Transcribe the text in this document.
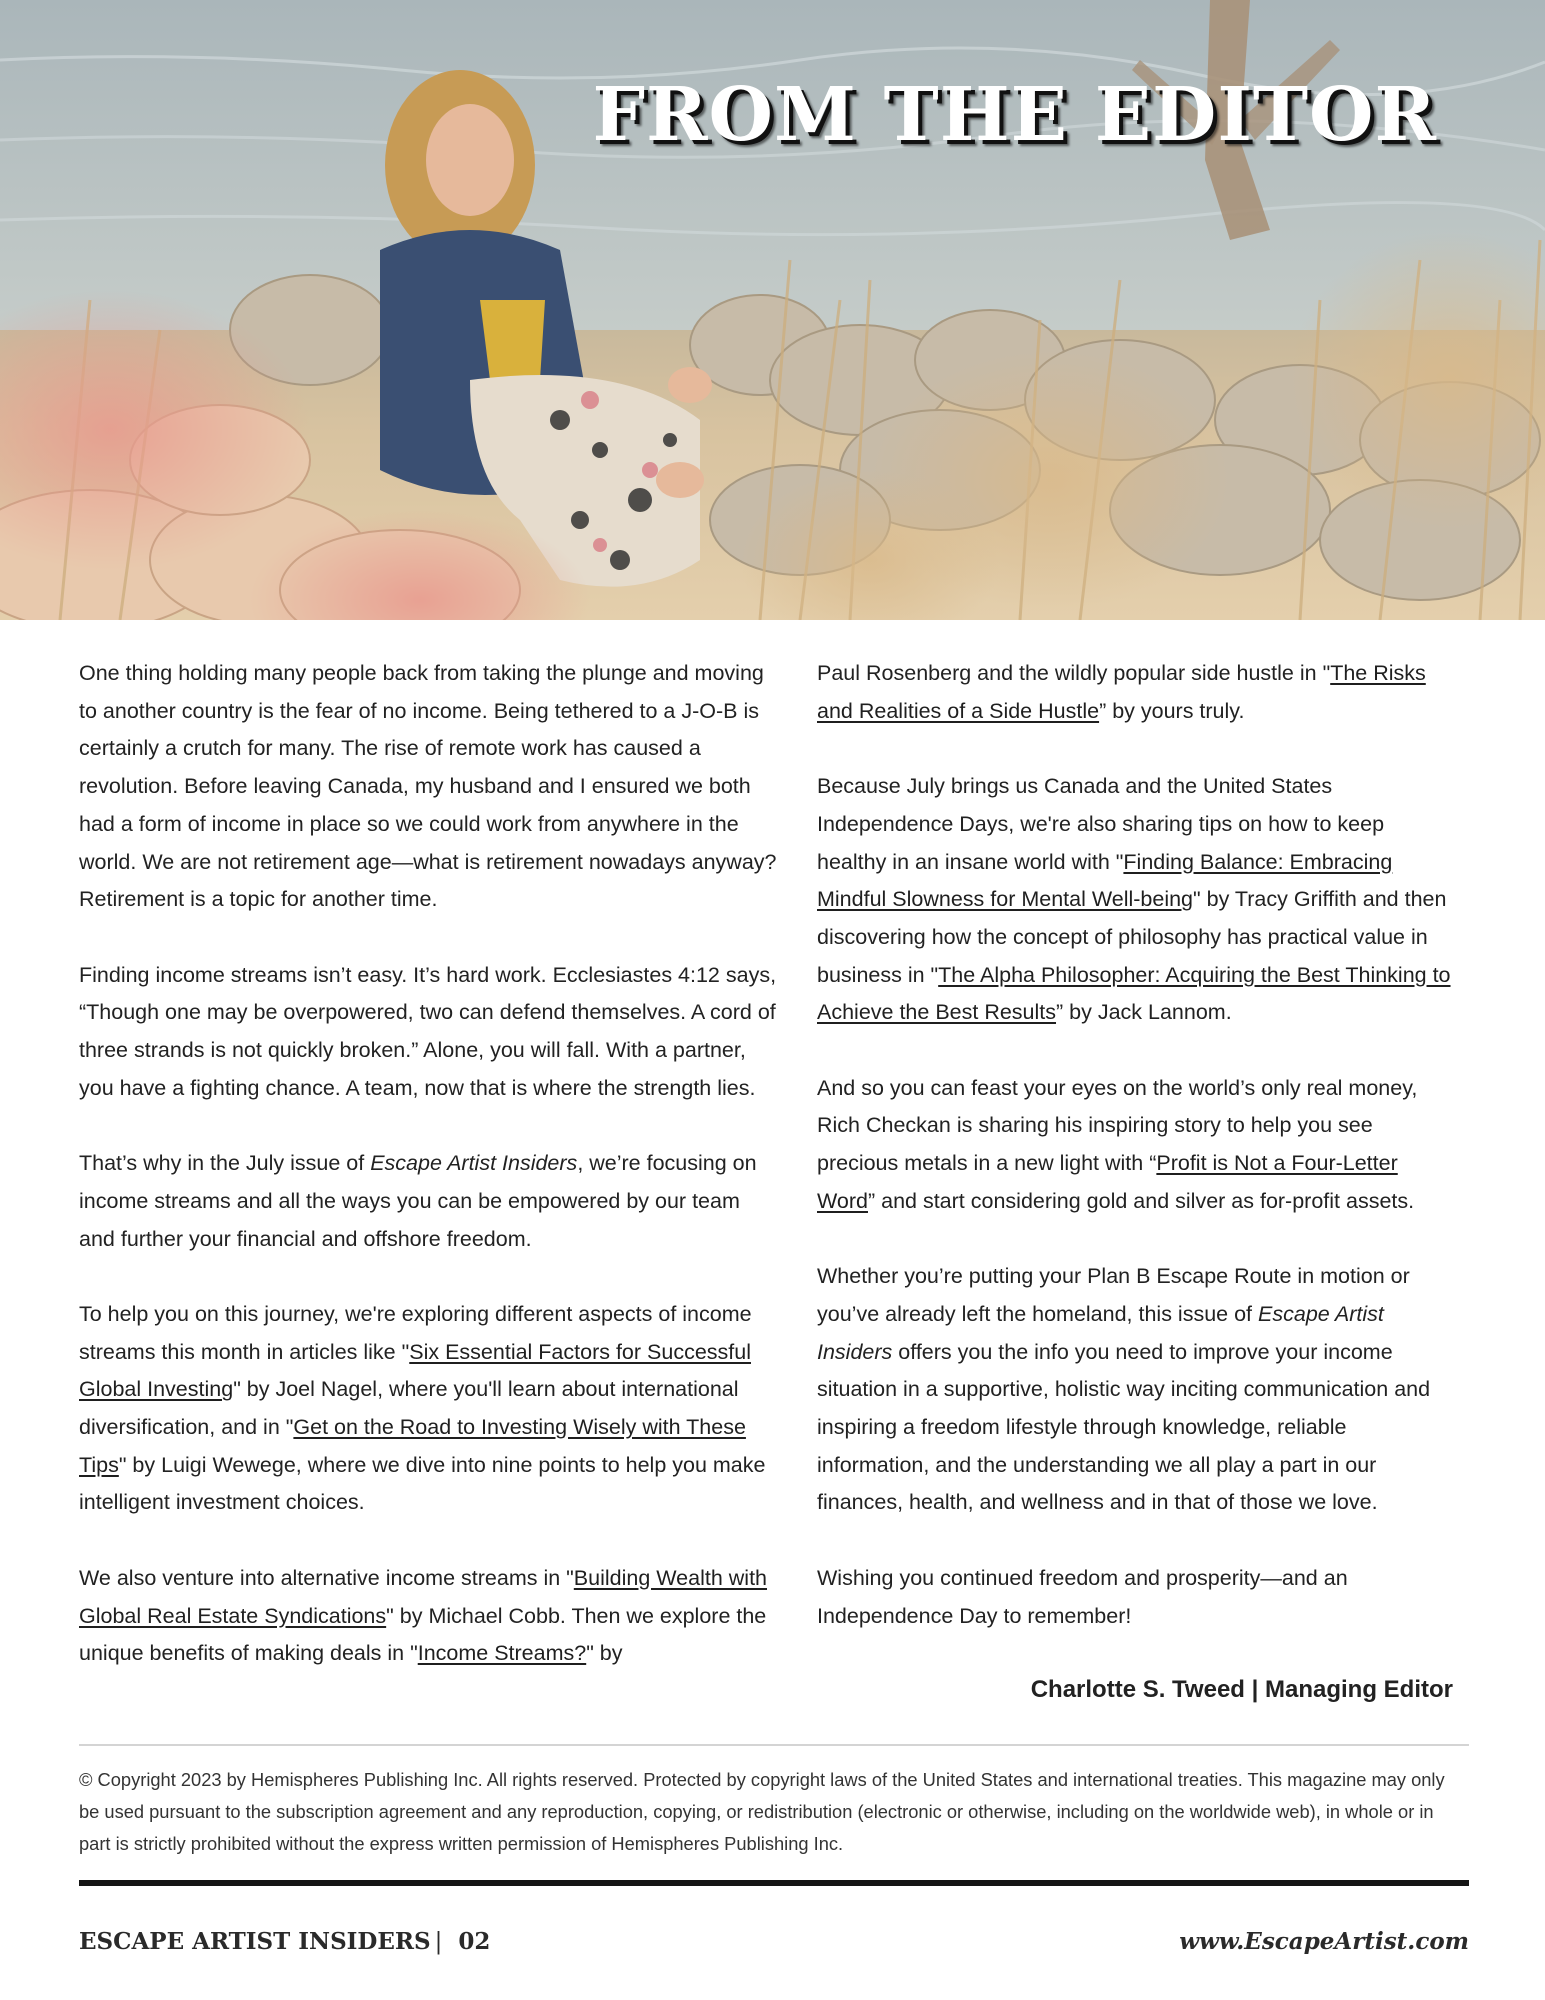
FROM THE EDITOR

One thing holding many people back from taking the plunge and moving to another country is the fear of no income. Being tethered to a J-O-B is certainly a crutch for many. The rise of remote work has caused a revolution. Before leaving Canada, my husband and I ensured we both had a form of income in place so we could work from anywhere in the world. We are not retirement age—what is retirement nowadays anyway? Retirement is a topic for another time.

Finding income streams isn’t easy. It’s hard work. Ecclesiastes 4:12 says, “Though one may be overpowered, two can defend themselves. A cord of three strands is not quickly broken.” Alone, you will fall. With a partner, you have a fighting chance. A team, now that is where the strength lies.

That’s why in the July issue of Escape Artist Insiders, we’re focusing on income streams and all the ways you can be empowered by our team and further your financial and offshore freedom.

To help you on this journey, we're exploring different aspects of income streams this month in articles like "Six Essential Factors for Successful Global Investing" by Joel Nagel, where you'll learn about international diversification, and in "Get on the Road to Investing Wisely with These Tips" by Luigi Wewege, where we dive into nine points to help you make intelligent investment choices.

We also venture into alternative income streams in "Building Wealth with Global Real Estate Syndications" by Michael Cobb. Then we explore the unique benefits of making deals in "Income Streams?" by

Paul Rosenberg and the wildly popular side hustle in "The Risks and Realities of a Side Hustle” by yours truly.

Because July brings us Canada and the United States Independence Days, we're also sharing tips on how to keep healthy in an insane world with "Finding Balance: Embracing Mindful Slowness for Mental Well-being" by Tracy Griffith and then discovering how the concept of philosophy has practical value in business in "The Alpha Philosopher: Acquiring the Best Thinking to Achieve the Best Results” by Jack Lannom.

And so you can feast your eyes on the world’s only real money, Rich Checkan is sharing his inspiring story to help you see precious metals in a new light with “Profit is Not a Four-Letter Word” and start considering gold and silver as for-profit assets.

Whether you’re putting your Plan B Escape Route in motion or you’ve already left the homeland, this issue of Escape Artist Insiders offers you the info you need to improve your income situation in a supportive, holistic way inciting communication and inspiring a freedom lifestyle through knowledge, reliable information, and the understanding we all play a part in our finances, health, and wellness and in that of those we love.

Wishing you continued freedom and prosperity—and an Independence Day to remember!

Charlotte S. Tweed | Managing Editor
© Copyright 2023 by Hemispheres Publishing Inc. All rights reserved. Protected by copyright laws of the United States and international treaties. This magazine may only be used pursuant to the subscription agreement and any reproduction, copying, or redistribution (electronic or otherwise, including on the worldwide web), in whole or in part is strictly prohibited without the express written permission of Hemispheres Publishing Inc.
ESCAPE ARTIST INSIDERS | 02	www.EscapeArtist.com
